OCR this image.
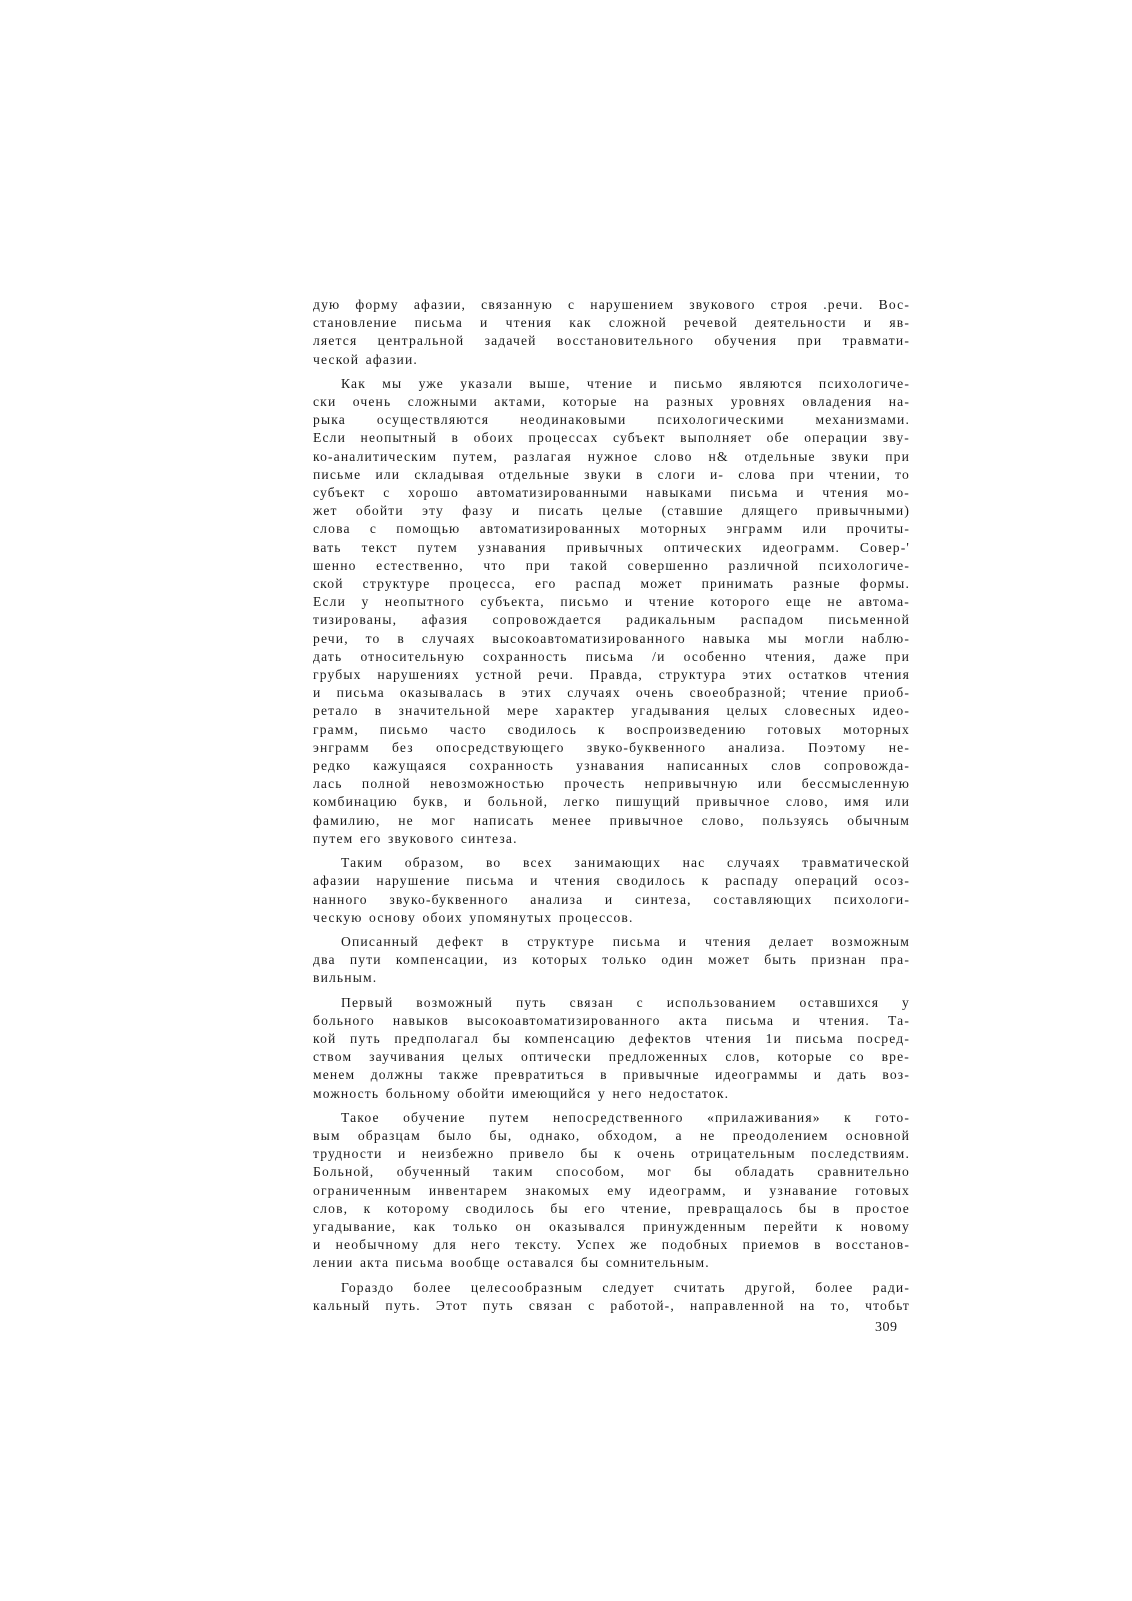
дую форму афазии, связанную с нарушением звукового строя .речи. Вос-
становление письма и чтения как сложной речевой деятельности и яв-
ляется центральной задачей восстановительного обучения при травмати-
ческой афазии.
Как мы уже указали выше, чтение и письмо являются психологиче-
ски очень сложными актами, которые на разных уровнях овладения на-
рыка осуществляются неодинаковыми психологическими механизмами.
Если неопытный в обоих процессах субъект выполняет обе операции зву-
ко-аналитическим путем, разлагая нужное слово н& отдельные звуки при
письме или складывая отдельные звуки в слоги и- слова при чтении, то
субъект с хорошо автоматизированными навыками письма и чтения мо-
жет обойти эту фазу и писать целые (ставшие длящего привычными)
слова с помощью автоматизированных моторных энграмм или прочиты-
вать текст путем узнавания привычных оптических идеограмм. Совер-'
шенно естественно, что при такой совершенно различной психологиче-
ской структуре процесса, его распад может принимать разные формы.
Если у неопытного субъекта, письмо и чтение которого еще не автома-
тизированы, афазия сопровождается радикальным распадом письменной
речи, то в случаях высокоавтоматизированного навыка мы могли наблю-
дать относительную сохранность письма /и особенно чтения, даже при
грубых нарушениях устной речи. Правда, структура этих остатков чтения
и письма оказывалась в этих случаях очень своеобразной; чтение приоб-
ретало в значительной мере характер угадывания целых словесных идео-
грамм, письмо часто сводилось к воспроизведению готовых моторных
энграмм без опосредствующего звуко-буквенного анализа. Поэтому не-
редко кажущаяся сохранность узнавания написанных слов сопровожда-
лась полной невозможностью прочесть непривычную или бессмысленную
комбинацию букв, и больной, легко пишущий привычное слово, имя или
фамилию, не мог написать менее привычное слово, пользуясь обычным
путем его звукового синтеза.
Таким образом, во всех занимающих нас случаях травматической
афазии нарушение письма и чтения сводилось к распаду операций осоз-
нанного звуко-буквенного анализа и синтеза, составляющих психологи-
ческую основу обоих упомянутых процессов.
Описанный дефект в структуре письма и чтения делает возможным
два пути компенсации, из которых только один может быть признан пра-
вильным.
Первый возможный путь связан с использованием оставшихся у
больного навыков высокоавтоматизированного акта письма и чтения. Та-
кой путь предполагал бы компенсацию дефектов чтения 1и письма посред-
ством заучивания целых оптически предложенных слов, которые со вре-
менем должны также превратиться в привычные идеограммы и дать воз-
можность больному обойти имеющийся у него недостаток.
Такое обучение путем непосредственного «прилаживания» к гото-
вым образцам было бы, однако, обходом, а не преодолением основной
трудности и неизбежно привело бы к очень отрицательным последствиям.
Больной, обученный таким способом, мог бы обладать сравнительно
ограниченным инвентарем знакомых ему идеограмм, и узнавание готовых
слов, к которому сводилось бы его чтение, превращалось бы в простое
угадывание, как только он оказывался принужденным перейти к новому
и необычному для него тексту. Успех же подобных приемов в восстанов-
лении акта письма вообще оставался бы сомнительным.
Гораздо более целесообразным следует считать другой, более ради-
кальный путь. Этот путь связан с работой-, направленной на то, чтобьт
309
